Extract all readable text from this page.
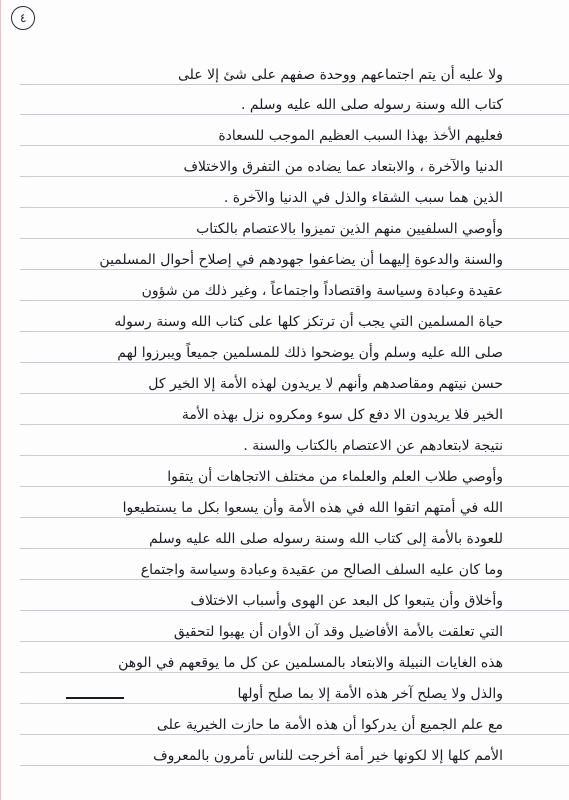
٤
ولا عليه أن يتم اجتماعهم ووحدة صفهم على شئ إلا على
كتاب الله وسنة رسوله صلى الله عليه وسلم .
فعليهم الأخذ بهذا السبب العظيم الموجب للسعادة
الدنيا والآخرة ، والابتعاد عما يضاده من التفرق والاختلاف
الذين هما سبب الشقاء والذل في الدنيا والآخرة .
وأوصي السلفيين منهم الذين تميزوا بالاعتصام بالكتاب
والسنة والدعوة إليهما أن يضاعفوا جهودهم في إصلاح أحوال المسلمين
عقيدة وعبادة وسياسة واقتصاداً واجتماعاً ، وغير ذلك من شؤون
حياة المسلمين التي يجب أن ترتكز كلها على كتاب الله وسنة رسوله
صلى الله عليه وسلم وأن يوضحوا ذلك للمسلمين جميعاً ويبرزوا لهم
حسن نيتهم ومقاصدهم وأنهم لا يريدون لهذه الأمة إلا الخير كل
الخير فلا يريدون الا دفع كل سوء ومكروه نزل بهذه الأمة
نتيجة لابتعادهم عن الاعتصام بالكتاب والسنة .
وأوصي طلاب العلم والعلماء من مختلف الاتجاهات أن يتقوا
الله في أمتهم اتقوا الله في هذه الأمة وأن يسعوا بكل ما يستطيعوا
للعودة بالأمة إلى كتاب الله وسنة رسوله صلى الله عليه وسلم
وما كان عليه السلف الصالح من عقيدة وعبادة وسياسة واجتماع
وأخلاق وأن يتبعوا كل البعد عن الهوى وأسباب الاختلاف
التي تعلقت بالأمة الأفاضيل وقد آن الأوان أن يهبوا لتحقيق
هذه الغايات النبيلة والابتعاد بالمسلمين عن كل ما يوقعهم في الوهن
والذل ولا يصلح آخر هذه الأمة إلا بما صلح أولها
مع علم الجميع أن يدركوا أن هذه الأمة ما حازت الخيرية على
الأمم كلها إلا لكونها خير أمة أخرجت للناس تأمرون بالمعروف
